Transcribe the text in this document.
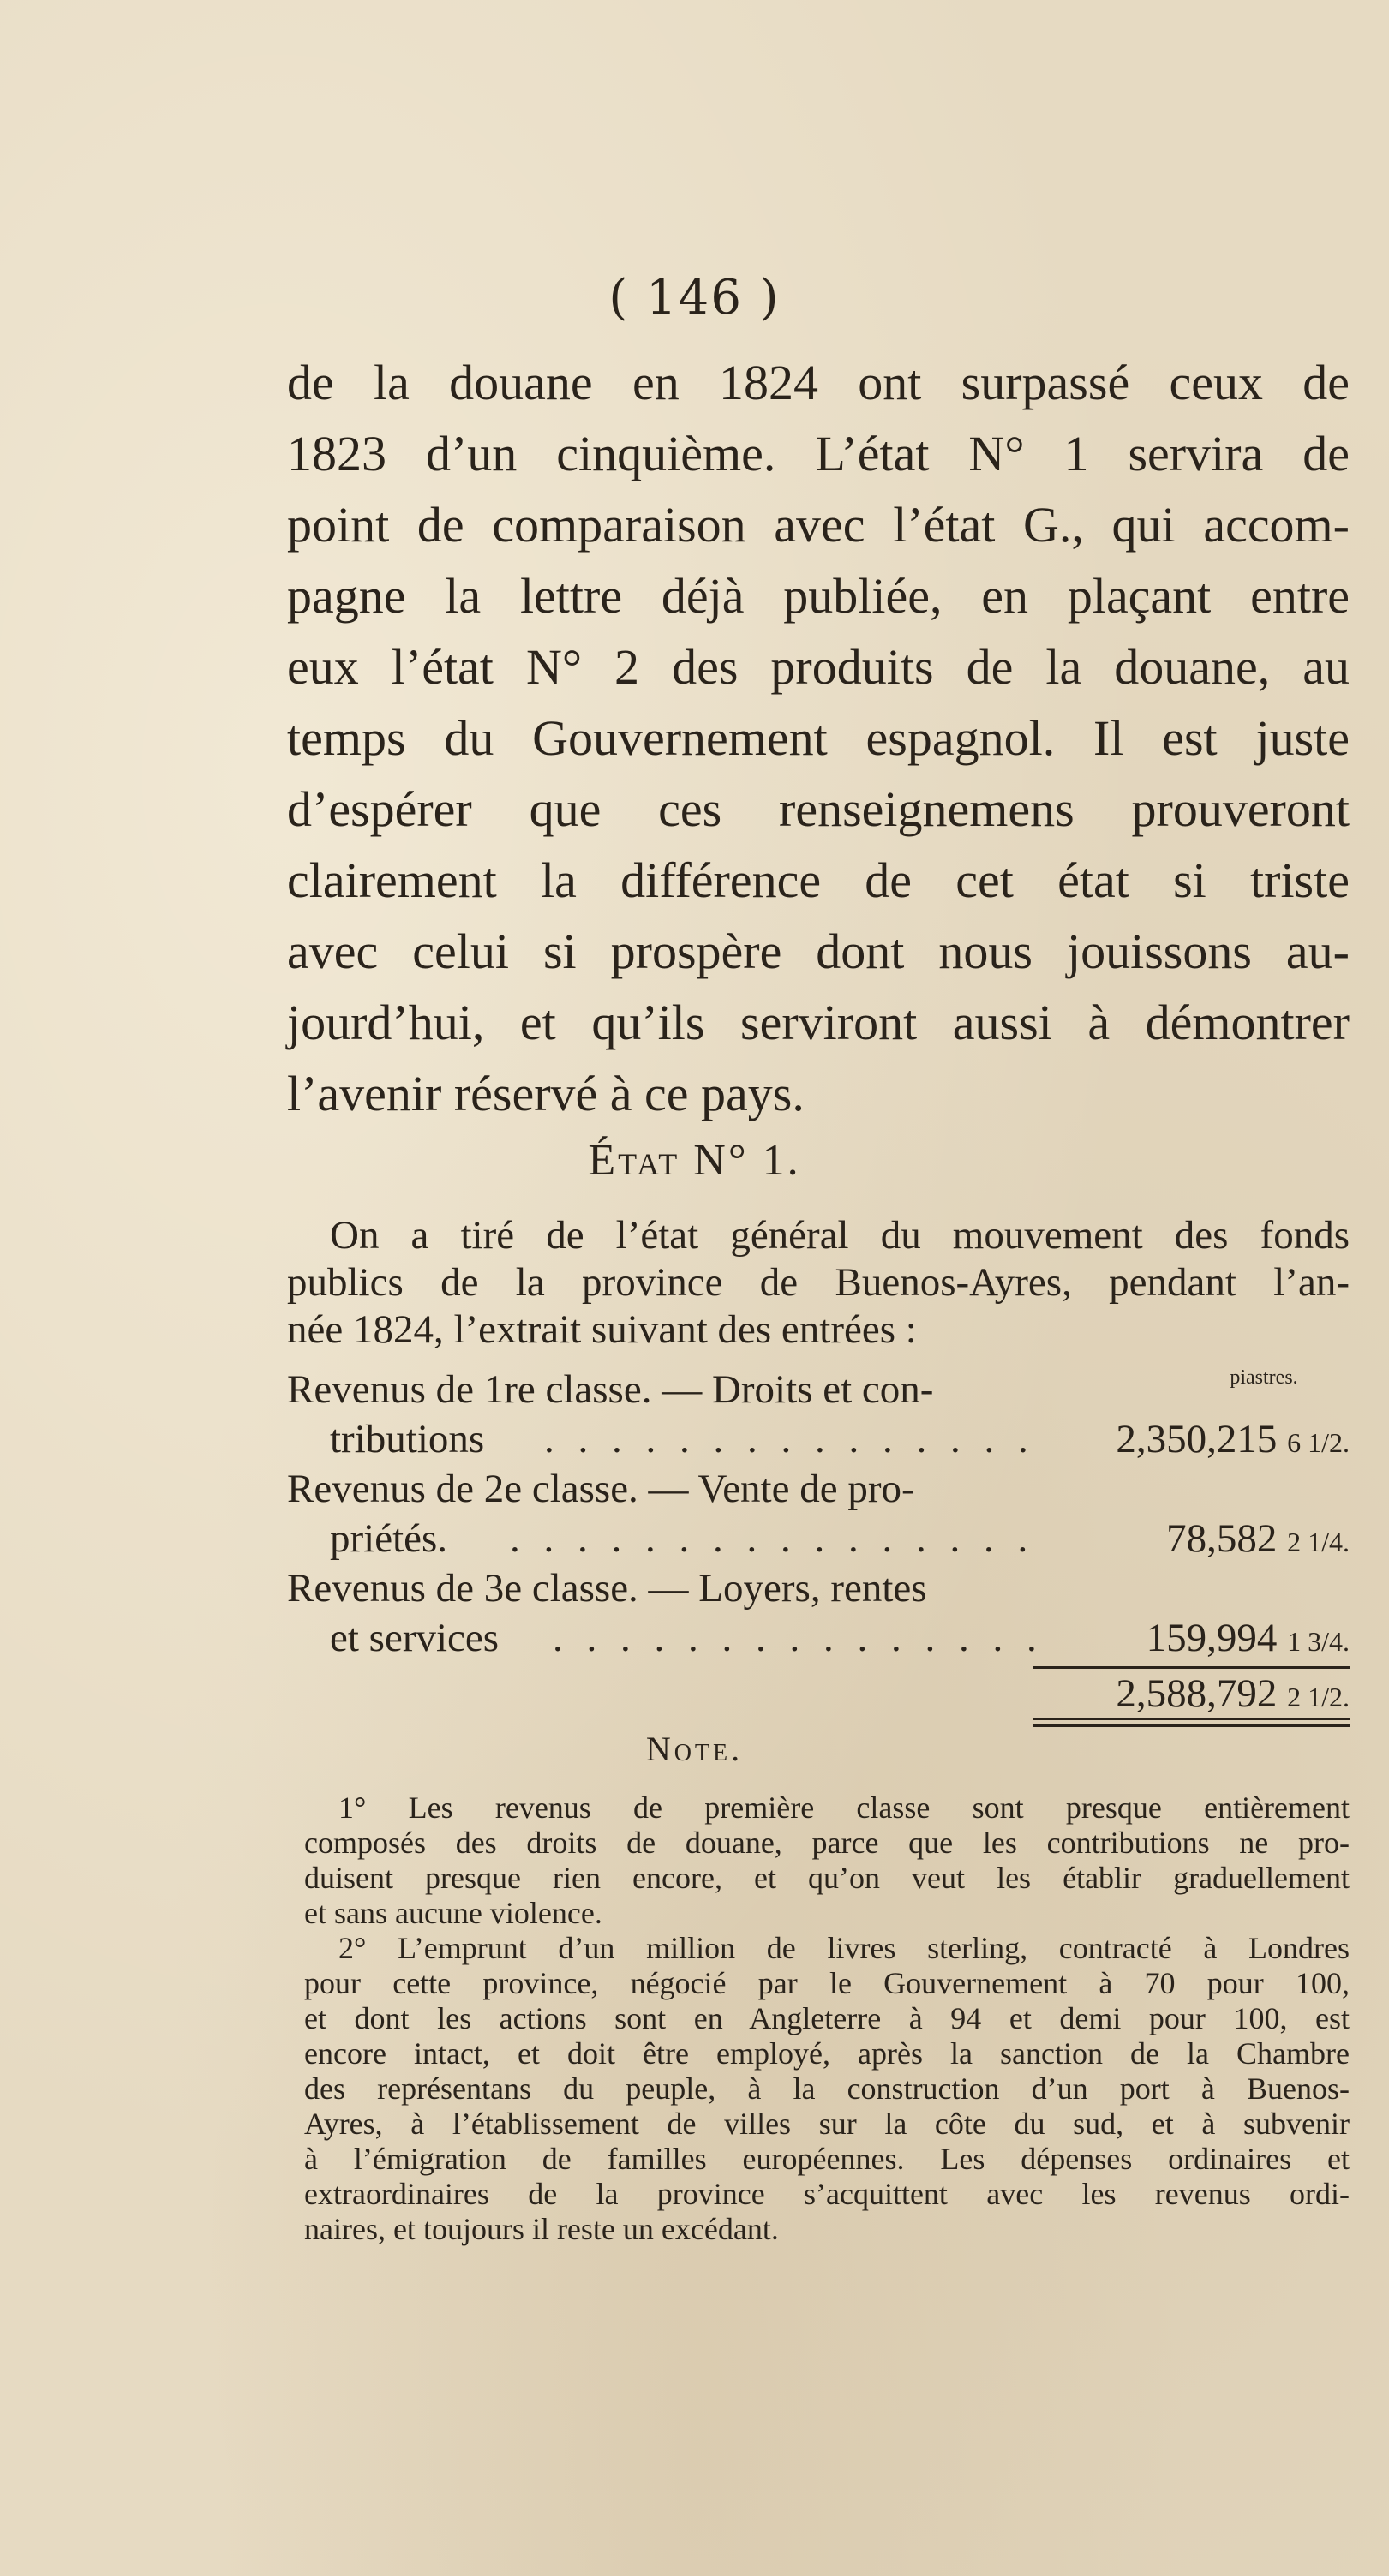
( 146 )
de la douane en 1824 ont surpassé ceux de
1823 d’un cinquième. L’état N° 1 servira de
point de comparaison avec l’état G., qui accom-
pagne la lettre déjà publiée, en plaçant entre
eux l’état N° 2 des produits de la douane, au
temps du Gouvernement espagnol. Il est juste
d’espérer que ces renseignemens prouveront
clairement la différence de cet état si triste
avec celui si prospère dont nous jouissons au-
jourd’hui, et qu’ils serviront aussi à démontrer
l’avenir réservé à ce pays.
État N° 1.
On a tiré de l’état général du mouvement des fonds
publics de la province de Buenos-Ayres, pendant l’an-
née 1824, l’extrait suivant des entrées :
piastres.
Revenus de 1re classe. — Droits et con-
tributions . . . . . . . . . . . . . . . 2,350,215 6 1/2.
Revenus de 2e classe. — Vente de pro-
priétés. . . . . . . . . . . . . . . . .	78,582 2 1/4.
Revenus de 3e classe. — Loyers, rentes
et services . . . . . . . . . . . . . . .	159,994 1 3/4.
2,588,792 2 1/2.
Note.
1° Les revenus de première classe sont presque entièrement
composés des droits de douane, parce que les contributions ne pro-
duisent presque rien encore, et qu’on veut les établir graduellement
et sans aucune violence.
2° L’emprunt d’un million de livres sterling, contracté à Londres
pour cette province, négocié par le Gouvernement à 70 pour 100,
et dont les actions sont en Angleterre à 94 et demi pour 100, est
encore intact, et doit être employé, après la sanction de la Chambre
des représentans du peuple, à la construction d’un port à Buenos-
Ayres, à l’établissement de villes sur la côte du sud, et à subvenir
à l’émigration de familles européennes. Les dépenses ordinaires et
extraordinaires de la province s’acquittent avec les revenus ordi-
naires, et toujours il reste un excédant.
